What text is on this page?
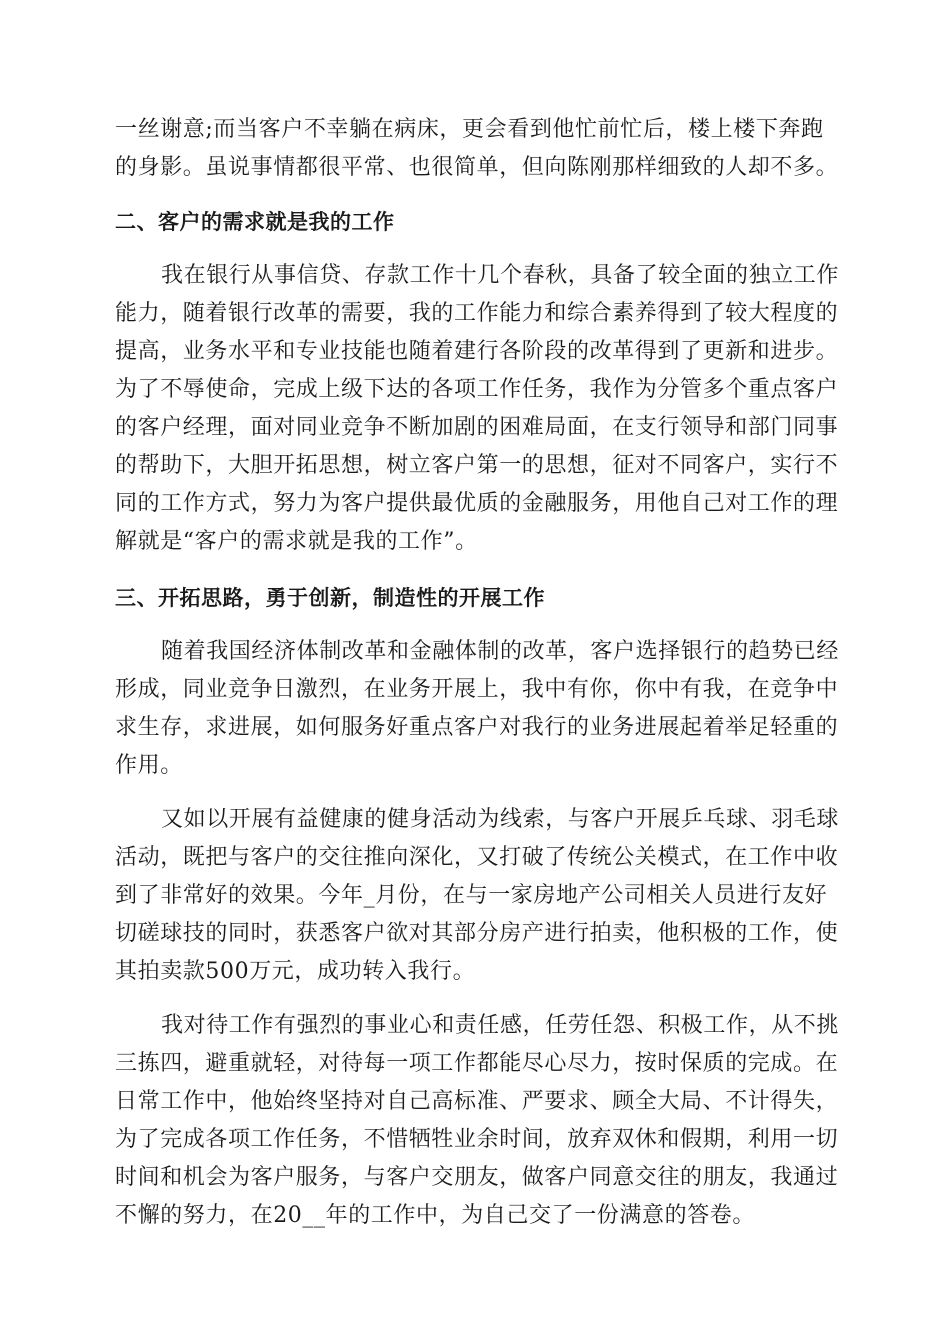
一丝谢意;而当客户不幸躺在病床，更会看到他忙前忙后，楼上楼下奔跑
的身影。虽说事情都很平常、也很简单，但向陈刚那样细致的人却不多。
二、客户的需求就是我的工作
我在银行从事信贷、存款工作十几个春秋，具备了较全面的独立工作
能力，随着银行改革的需要，我的工作能力和综合素养得到了较大程度的
提高，业务水平和专业技能也随着建行各阶段的改革得到了更新和进步。
为了不辱使命，完成上级下达的各项工作任务，我作为分管多个重点客户
的客户经理，面对同业竞争不断加剧的困难局面，在支行领导和部门同事
的帮助下，大胆开拓思想，树立客户第一的思想，征对不同客户，实行不
同的工作方式，努力为客户提供最优质的金融服务，用他自己对工作的理
解就是“客户的需求就是我的工作”。
三、开拓思路，勇于创新，制造性的开展工作
随着我国经济体制改革和金融体制的改革，客户选择银行的趋势已经
形成，同业竞争日激烈，在业务开展上，我中有你，你中有我，在竞争中
求生存，求进展，如何服务好重点客户对我行的业务进展起着举足轻重的
作用。
又如以开展有益健康的健身活动为线索，与客户开展乒乓球、羽毛球
活动，既把与客户的交往推向深化，又打破了传统公关模式，在工作中收
到了非常好的效果。今年_月份，在与一家房地产公司相关人员进行友好
切磋球技的同时，获悉客户欲对其部分房产进行拍卖，他积极的工作，使
其拍卖款500万元，成功转入我行。
我对待工作有强烈的事业心和责任感，任劳任怨、积极工作，从不挑
三拣四，避重就轻，对待每一项工作都能尽心尽力，按时保质的完成。在
日常工作中，他始终坚持对自己高标准、严要求、顾全大局、不计得失，
为了完成各项工作任务，不惜牺牲业余时间，放弃双休和假期，利用一切
时间和机会为客户服务，与客户交朋友，做客户同意交往的朋友，我通过
不懈的努力，在20__年的工作中，为自己交了一份满意的答卷。
